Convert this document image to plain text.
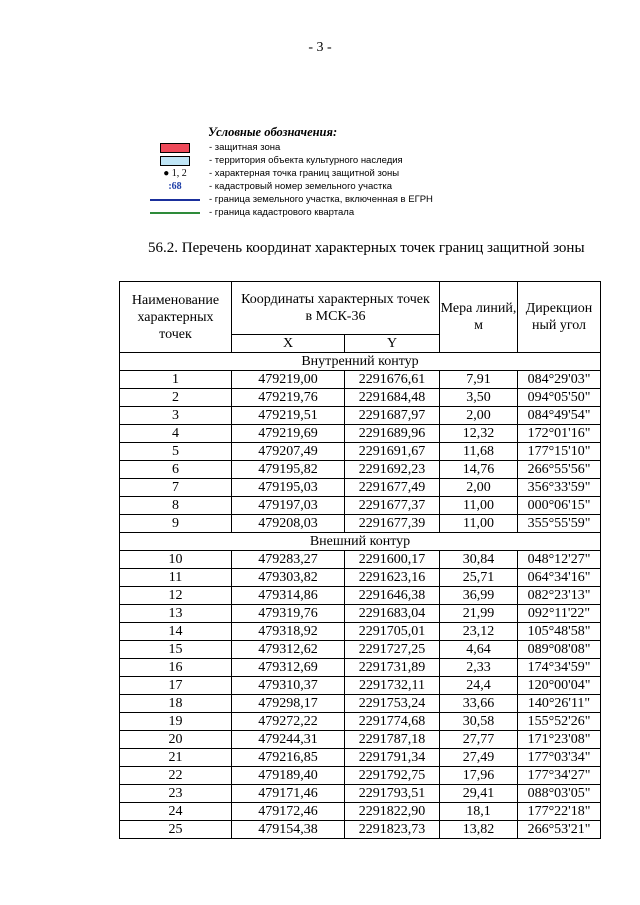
- 3 -
Условные обозначения:
- защитная зона
- территория объекта культурного наследия
● 1, 2	- характерная точка границ защитной зоны
:68	- кадастровый номер земельного участка
- граница земельного участка, включенная в ЕГРН
- граница кадастрового квартала
56.2. Перечень координат характерных точек границ защитной зоны
Наименование характерных точек	Координаты характерных точек в МСК-36		Мера линий, м	Дирекцион ный угол
	X	Y		
Внутренний контур				
1	479219,00	2291676,61	7,91	084°29'03"
2	479219,76	2291684,48	3,50	094°05'50"
3	479219,51	2291687,97	2,00	084°49'54"
4	479219,69	2291689,96	12,32	172°01'16"
5	479207,49	2291691,67	11,68	177°15'10"
6	479195,82	2291692,23	14,76	266°55'56"
7	479195,03	2291677,49	2,00	356°33'59"
8	479197,03	2291677,37	11,00	000°06'15"
9	479208,03	2291677,39	11,00	355°55'59"
Внешний контур				
10	479283,27	2291600,17	30,84	048°12'27"
11	479303,82	2291623,16	25,71	064°34'16"
12	479314,86	2291646,38	36,99	082°23'13"
13	479319,76	2291683,04	21,99	092°11'22"
14	479318,92	2291705,01	23,12	105°48'58"
15	479312,62	2291727,25	4,64	089°08'08"
16	479312,69	2291731,89	2,33	174°34'59"
17	479310,37	2291732,11	24,4	120°00'04"
18	479298,17	2291753,24	33,66	140°26'11"
19	479272,22	2291774,68	30,58	155°52'26"
20	479244,31	2291787,18	27,77	171°23'08"
21	479216,85	2291791,34	27,49	177°03'34"
22	479189,40	2291792,75	17,96	177°34'27"
23	479171,46	2291793,51	29,41	088°03'05"
24	479172,46	2291822,90	18,1	177°22'18"
25	479154,38	2291823,73	13,82	266°53'21"
